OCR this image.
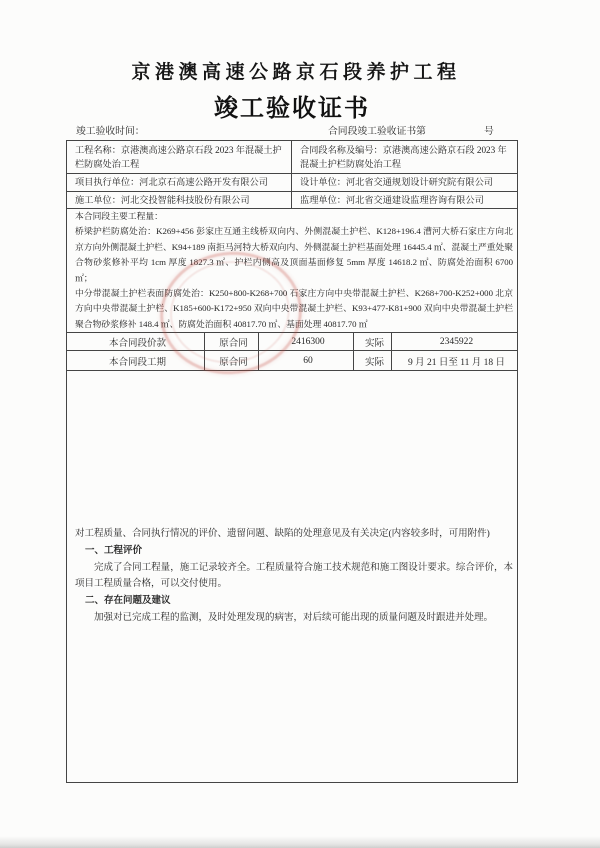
京港澳高速公路京石段养护工程
竣工验收证书
竣工验收时间：	合同段竣工验收证书第	号
工程名称：京港澳高速公路京石段 2023 年混凝土护栏防腐处治工程			合同段名称及编号：京港澳高速公路京石段 2023 年混凝土护栏防腐处治工程		
项目执行单位：河北京石高速公路开发有限公司			设计单位：河北省交通规划设计研究院有限公司		
施工单位：河北交投智能科技股份有限公司			监理单位：河北省交通建设监理咨询有限公司		

本合同段主要工程量：

桥梁护栏防腐处治：K269+456 彭家庄互通主线桥双向内、外侧混凝土护栏、K128+196.4 漕河大桥石家庄方向北京方向外侧混凝土护栏、K94+189 南拒马河特大桥双向内、外侧混凝土护栏基面处理 16445.4 ㎡、混凝土严重处聚合物砂浆修补平均 1cm 厚度 1827.3 ㎡、护栏内侧高及顶面基面修复 5mm 厚度 14618.2 ㎡、防腐处治面积 6700 ㎡；

中分带混凝土护栏表面防腐处治：K250+800-K268+700 石家庄方向中央带混凝土护栏、K268+700-K252+000 北京方向中央带混凝土护栏、K185+600-K172+950 双向中央带混凝土护栏、K93+477-K81+900 双向中央带混凝土护栏聚合物砂浆修补 148.4 ㎡、防腐处治面积 40817.70 ㎡、基面处理 40817.70 ㎡					

本合同段价款	原合同	2416300		实际	2345922
本合同段工期	原合同	60		实际	9 月 21 日至 11 月 18 日

对工程质量、合同执行情况的评价、遗留问题、缺陷的处理意见及有关决定(内容较多时，可用附件)

一、工程评价

完成了合同工程量，施工记录较齐全。工程质量符合施工技术规范和施工图设计要求。综合评价，本项目工程质量合格，可以交付使用。

二、存在问题及建议

加强对已完成工程的监测，及时处理发现的病害，对后续可能出现的质量问题及时跟进并处理。					
